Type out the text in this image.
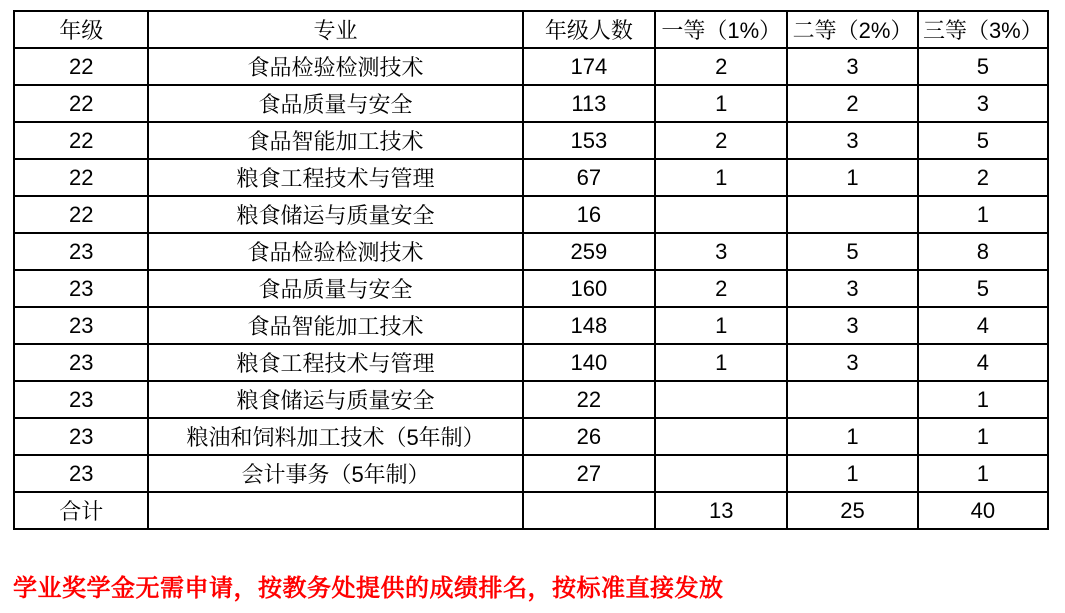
年级	专业	年级人数	一等（1%）	二等（2%）	三等（3%）
22	食品检验检测技术	174	2	3	5
22	食品质量与安全	113	1	2	3
22	食品智能加工技术	153	2	3	5
22	粮食工程技术与管理	67	1	1	2
22	粮食储运与质量安全	16			1
23	食品检验检测技术	259	3	5	8
23	食品质量与安全	160	2	3	5
23	食品智能加工技术	148	1	3	4
23	粮食工程技术与管理	140	1	3	4
23	粮食储运与质量安全	22			1
23	粮油和饲料加工技术（5年制）	26		1	1
23	会计事务（5年制）	27		1	1
合计			13	25	40

学业奖学金无需申请，按教务处提供的成绩排名，按标准直接发放
